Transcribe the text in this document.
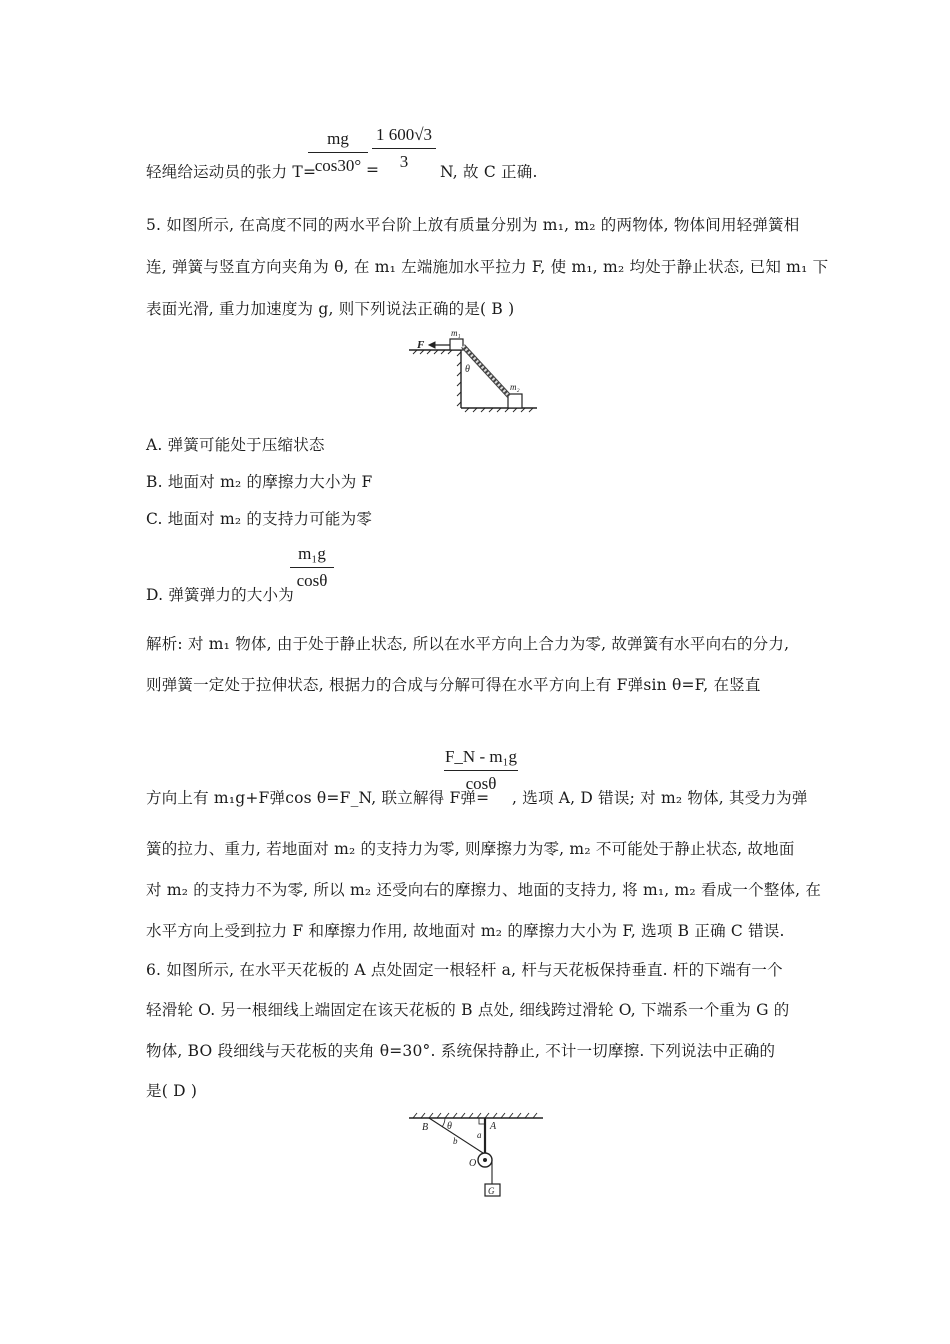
轻绳给运动员的张力 T=
mg
cos30° =
1 600√3
3
N, 故 C 正确.
5. 如图所示, 在高度不同的两水平台阶上放有质量分别为 m₁, m₂ 的两物体, 物体间用轻弹簧相
连, 弹簧与竖直方向夹角为 θ, 在 m₁ 左端施加水平拉力 F, 使 m₁, m₂ 均处于静止状态, 已知 m₁ 下
表面光滑, 重力加速度为 g, 则下列说法正确的是( B )
F
m₁
θ
m₂
A. 弹簧可能处于压缩状态
B. 地面对 m₂ 的摩擦力大小为 F
C. 地面对 m₂ 的支持力可能为零
D. 弹簧弹力的大小为
m₁g
cosθ
解析: 对 m₁ 物体, 由于处于静止状态, 所以在水平方向上合力为零, 故弹簧有水平向右的分力,
则弹簧一定处于拉伸状态, 根据力的合成与分解可得在水平方向上有 F弹sin θ=F, 在竖直
方向上有 m₁g+F弹cos θ=F_N, 联立解得 F弹=
F_N - m₁g
cosθ
, 选项 A, D 错误; 对 m₂ 物体, 其受力为弹
簧的拉力、重力, 若地面对 m₂ 的支持力为零, 则摩擦力为零, m₂ 不可能处于静止状态, 故地面
对 m₂ 的支持力不为零, 所以 m₂ 还受向右的摩擦力、地面的支持力, 将 m₁, m₂ 看成一个整体, 在
水平方向上受到拉力 F 和摩擦力作用, 故地面对 m₂ 的摩擦力大小为 F, 选项 B 正确 C 错误.
6. 如图所示, 在水平天花板的 A 点处固定一根轻杆 a, 杆与天花板保持垂直. 杆的下端有一个
轻滑轮 O. 另一根细线上端固定在该天花板的 B 点处, 细线跨过滑轮 O, 下端系一个重为 G 的
物体, BO 段细线与天花板的夹角 θ=30°. 系统保持静止, 不计一切摩擦. 下列说法中正确的
是( D )
B θ	A
a
b
O
G
